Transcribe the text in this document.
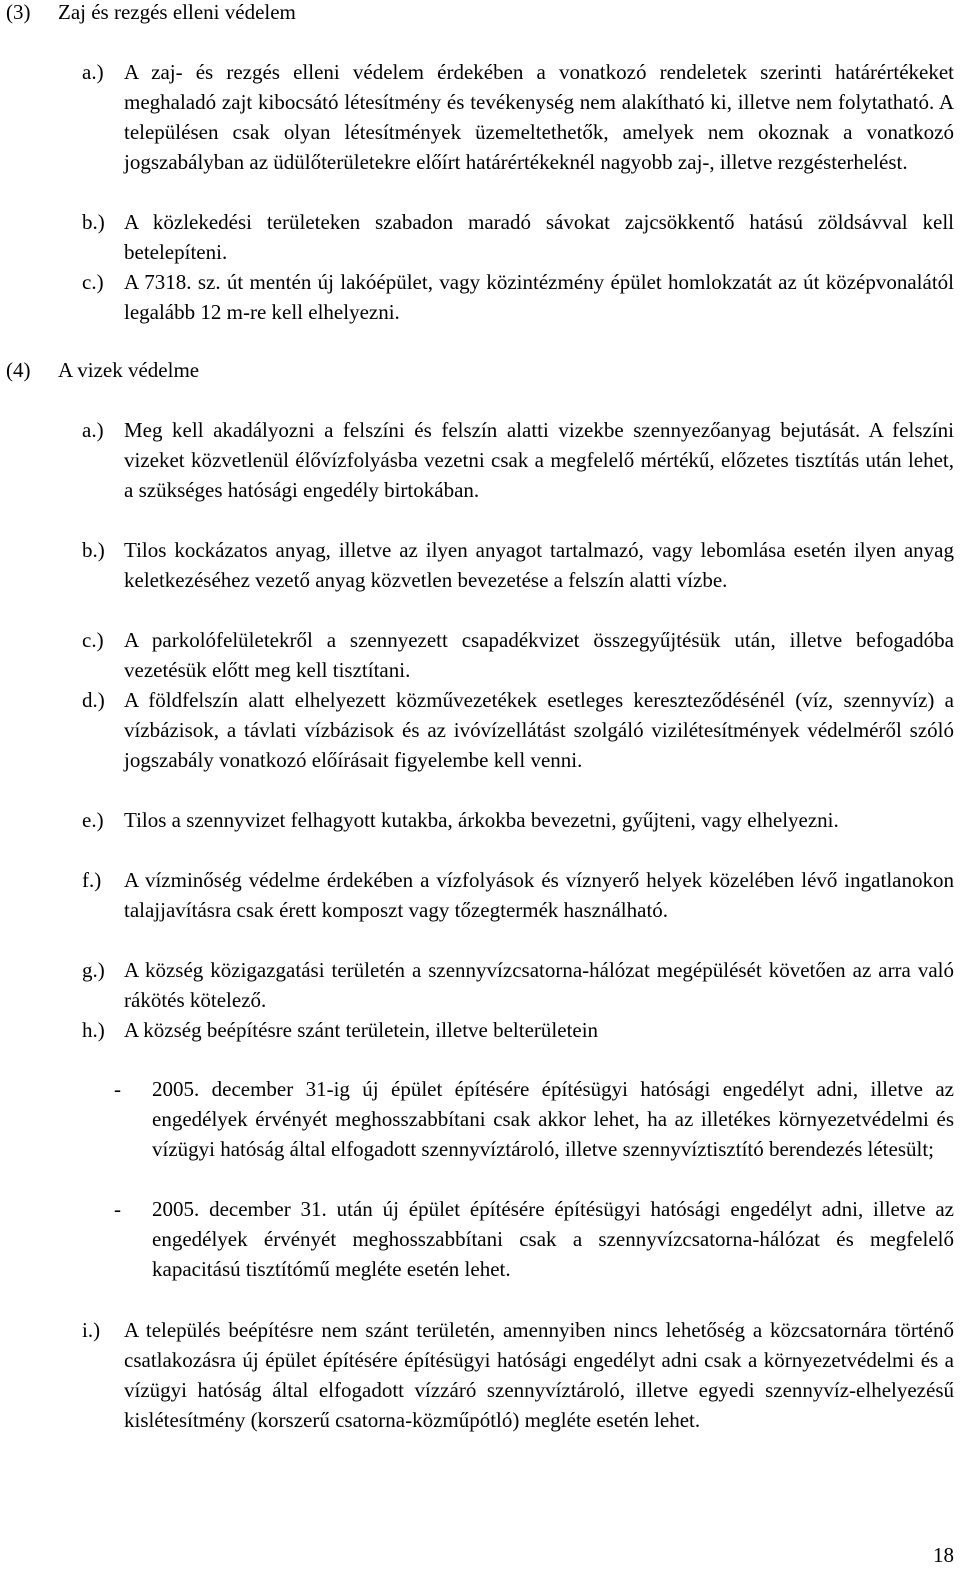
(3) Zaj és rezgés elleni védelem
a.) A zaj- és rezgés elleni védelem érdekében a vonatkozó rendeletek szerinti határértékeket meghaladó zajt kibocsátó létesítmény és tevékenység nem alakítható ki, illetve nem folytatható. A településen csak olyan létesítmények üzemeltethetők, amelyek nem okoznak a vonatkozó jogszabályban az üdülőterületekre előírt határértékeknél nagyobb zaj-, illetve rezgésterhelést.
b.) A közlekedési területeken szabadon maradó sávokat zajcsökkentő hatású zöldsávval kell betelepíteni.
c.) A 7318. sz. út mentén új lakóépület, vagy közintézmény épület homlokzatát az út középvonalától legalább 12 m-re kell elhelyezni.
(4) A vizek védelme
a.) Meg kell akadályozni a felszíni és felszín alatti vizekbe szennyezőanyag bejutását. A felszíni vizeket közvetlenül élővízfolyásba vezetni csak a megfelelő mértékű, előzetes tisztítás után lehet, a szükséges hatósági engedély birtokában.
b.) Tilos kockázatos anyag, illetve az ilyen anyagot tartalmazó, vagy lebomlása esetén ilyen anyag keletkezéséhez vezető anyag közvetlen bevezetése a felszín alatti vízbe.
c.) A parkolófelületekről a szennyezett csapadékvizet összegyűjtésük után, illetve befogadóba vezetésük előtt meg kell tisztítani.
d.) A földfelszín alatt elhelyezett közművezetékek esetleges kereszteződésénél (víz, szennyvíz) a vízbázisok, a távlati vízbázisok és az ivóvízellátást szolgáló vizilétesítmények védelméről szóló jogszabály vonatkozó előírásait figyelembe kell venni.
e.) Tilos a szennyvizet felhagyott kutakba, árkokba bevezetni, gyűjteni, vagy elhelyezni.
f.) A vízminőség védelme érdekében a vízfolyások és víznyerő helyek közelében lévő ingatlanokon talajjavításra csak érett komposzt vagy tőzegtermék használható.
g.) A község közigazgatási területén a szennyvízcsatorna-hálózat megépülését követően az arra való rákötés kötelező.
h.) A község beépítésre szánt területein, illetve belterületein
- 2005. december 31-ig új épület építésére építésügyi hatósági engedélyt adni, illetve az engedélyek érvényét meghosszabbítani csak akkor lehet, ha az illetékes környezetvédelmi és vízügyi hatóság által elfogadott szennyvíztároló, illetve szennyvíztisztító berendezés létesült;
- 2005. december 31. után új épület építésére építésügyi hatósági engedélyt adni, illetve az engedélyek érvényét meghosszabbítani csak a szennyvízcsatorna-hálózat és megfelelő kapacitású tisztítómű megléte esetén lehet.
i.) A település beépítésre nem szánt területén, amennyiben nincs lehetőség a közcsatornára történő csatlakozásra új épület építésére építésügyi hatósági engedélyt adni csak a környezetvédelmi és a vízügyi hatóság által elfogadott vízzáró szennyvíztároló, illetve egyedi szennyvíz-elhelyezésű kislétesítmény (korszerű csatorna-közműpótló) megléte esetén lehet.
18
